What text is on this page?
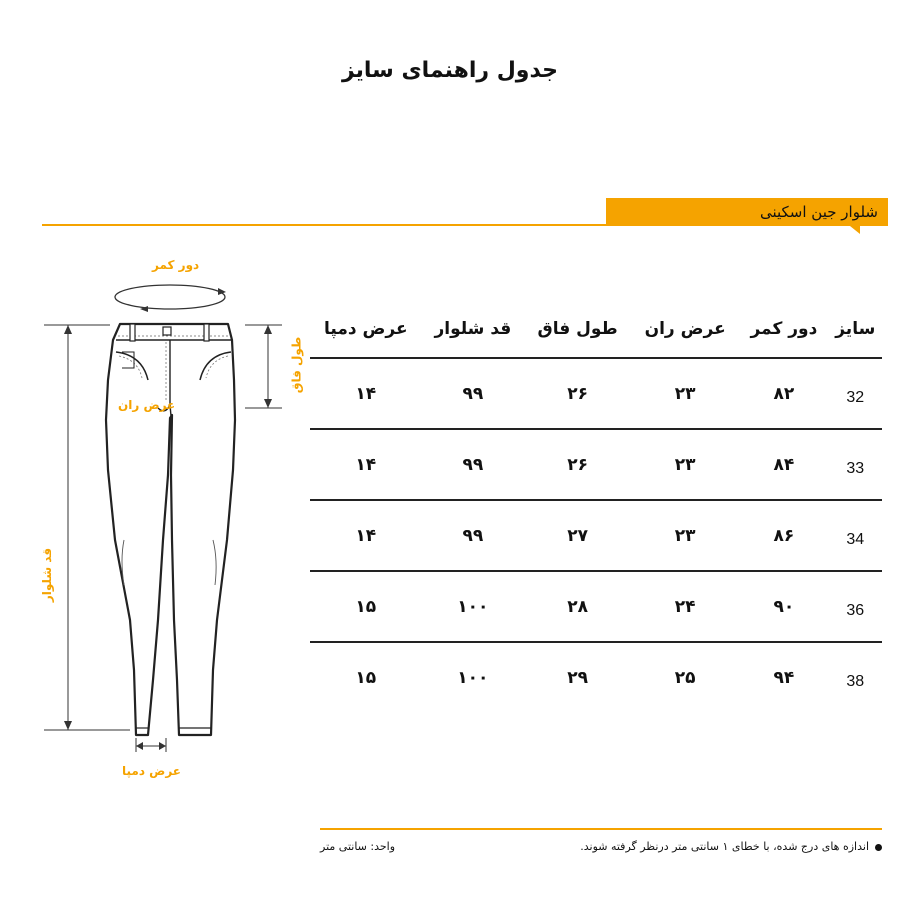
جدول راهنمای سایز
شلوار جین اسکینی
دور کمر
عرض ران
طول فاق
قد شلوار
عرض دمپا
سایز	دور کمر	عرض ران	طول فاق	قد شلوار	عرض دمپا
32	۸۲	۲۳	۲۶	۹۹	۱۴
33	۸۴	۲۳	۲۶	۹۹	۱۴
34	۸۶	۲۳	۲۷	۹۹	۱۴
36	۹۰	۲۴	۲۸	۱۰۰	۱۵
38	۹۴	۲۵	۲۹	۱۰۰	۱۵
اندازه های درج شده، با خطای ۱ سانتی متر درنظر گرفته شوند.
واحد: سانتی متر
